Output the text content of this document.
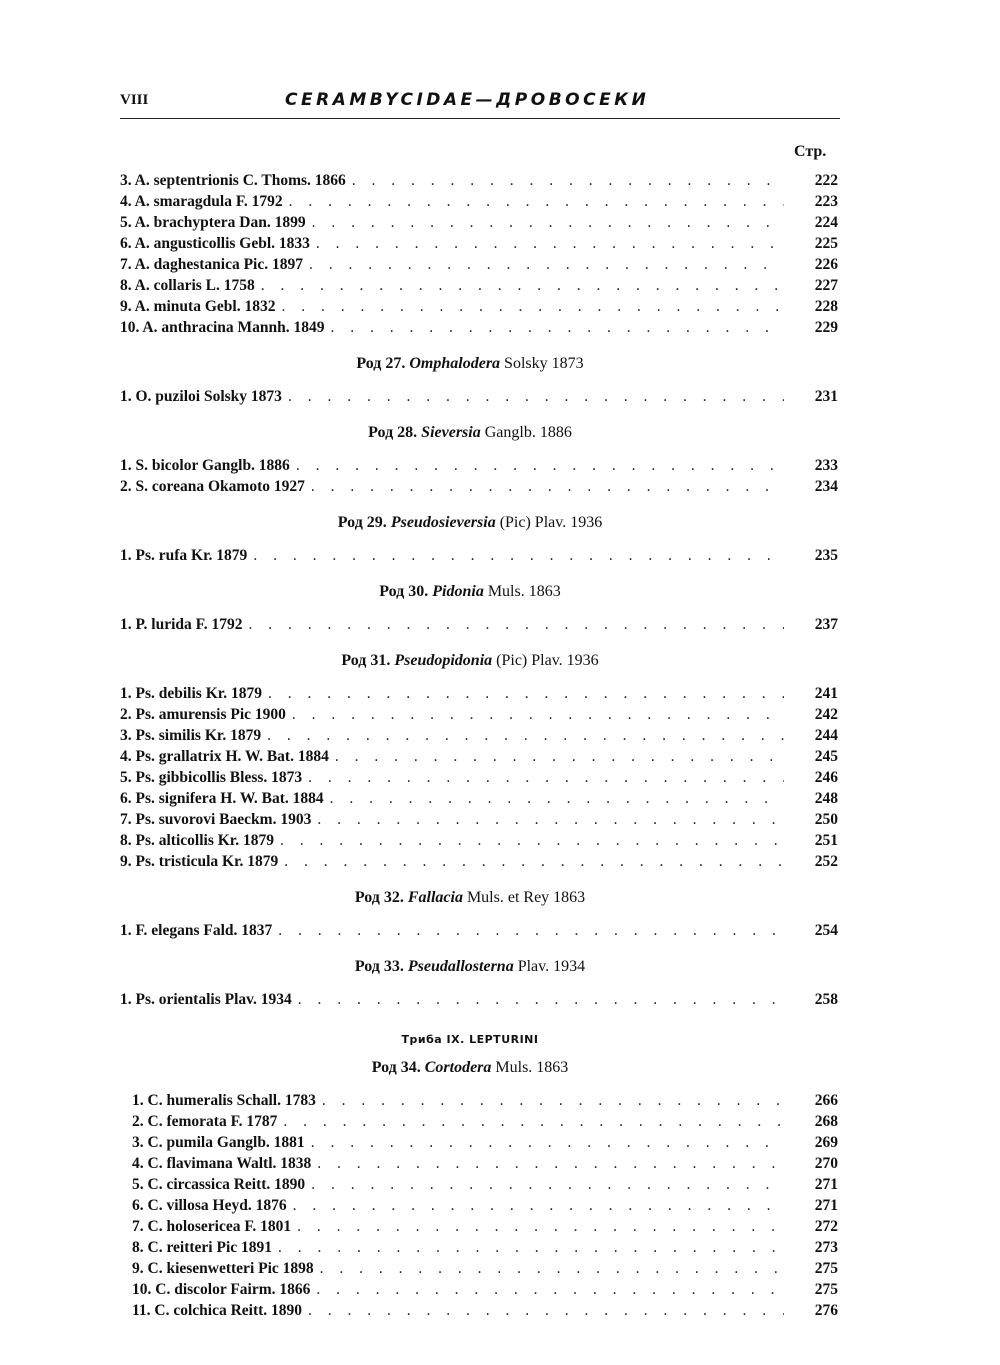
VIII	CERAMBYCIDAE—ДРОВОСЕКИ
Стр.
3. A. septentrionis C. Thoms. 1866 . . .	222
4. A. smaragdula F. 1792 . . .	223
5. A. brachyptera Dan. 1899 . . .	224
6. A. angusticollis Gebl. 1833 . . .	225
7. A. daghestanica Pic. 1897 . . .	226
8. A. collaris L. 1758 . . .	227
9. A. minuta Gebl. 1832 . . .	228
10. A. anthracina Mannh. 1849 . . .	229
Род 27. Omphalodera Solsky 1873
1. O. puziloi Solsky 1873 . . .	231
Род 28. Sieversia Ganglb. 1886
1. S. bicolor Ganglb. 1886 . . .	233
2. S. coreana Okamoto 1927 . . .	234
Род 29. Pseudosieversia (Pic) Plav. 1936
1. Ps. rufa Kr. 1879 . . .	235
Род 30. Pidonia Muls. 1863
1. P. lurida F. 1792 . . .	237
Род 31. Pseudopidonia (Pic) Plav. 1936
1. Ps. debilis Kr. 1879 . . .	241
2. Ps. amurensis Pic 1900 . . .	242
3. Ps. similis Kr. 1879 . . .	244
4. Ps. grallatrix H. W. Bat. 1884 . . .	245
5. Ps. gibbicollis Bless. 1873 . . .	246
6. Ps. signifera H. W. Bat. 1884 . . .	248
7. Ps. suvorovi Baeckm. 1903 . . .	250
8. Ps. alticollis Kr. 1879 . . .	251
9. Ps. tristicula Kr. 1879 . . .	252
Род 32. Fallacia Muls. et Rey 1863
1. F. elegans Fald. 1837 . . .	254
Род 33. Pseudallosterna Plav. 1934
1. Ps. orientalis Plav. 1934 . . .	258
Триба IX. LEPTURINI
Род 34. Cortodera Muls. 1863
1. C. humeralis Schall. 1783 . . .	266
2. C. femorata F. 1787 . . .	268
3. C. pumila Ganglb. 1881 . . .	269
4. C. flavimana Waltl. 1838 . . .	270
5. C. circassica Reitt. 1890 . . .	271
6. C. villosa Heyd. 1876 . . .	271
7. C. holosericea F. 1801 . . .	272
8. C. reitteri Pic 1891 . . .	273
9. C. kiesenwetteri Pic 1898 . . .	275
10. C. discolor Fairm. 1866 . . .	275
11. C. colchica Reitt. 1890 . . .	276
